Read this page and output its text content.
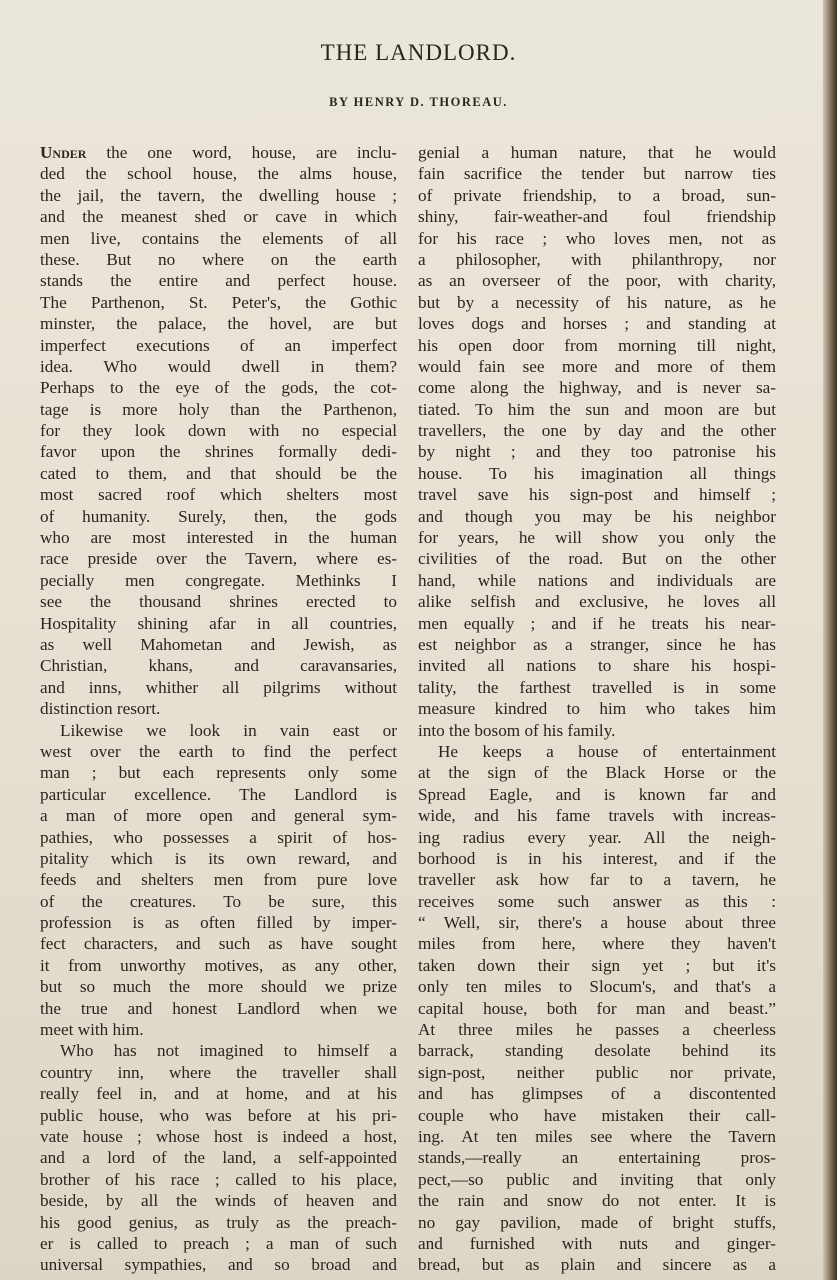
THE LANDLORD.
BY HENRY D. THOREAU.
Under the one word, house, are inclu-
ded the school house, the alms house,
the jail, the tavern, the dwelling house ;
and the meanest shed or cave in which
men live, contains the elements of all
these. But no where on the earth
stands the entire and perfect house.
The Parthenon, St. Peter's, the Gothic
minster, the palace, the hovel, are but
imperfect executions of an imperfect
idea. Who would dwell in them?
Perhaps to the eye of the gods, the cot-
tage is more holy than the Parthenon,
for they look down with no especial
favor upon the shrines formally dedi-
cated to them, and that should be the
most sacred roof which shelters most
of humanity. Surely, then, the gods
who are most interested in the human
race preside over the Tavern, where es-
pecially men congregate. Methinks I
see the thousand shrines erected to
Hospitality shining afar in all countries,
as well Mahometan and Jewish, as
Christian, khans, and caravansaries,
and inns, whither all pilgrims without
distinction resort.
Likewise we look in vain east or
west over the earth to find the perfect
man ; but each represents only some
particular excellence. The Landlord is
a man of more open and general sym-
pathies, who possesses a spirit of hos-
pitality which is its own reward, and
feeds and shelters men from pure love
of the creatures. To be sure, this
profession is as often filled by imper-
fect characters, and such as have sought
it from unworthy motives, as any other,
but so much the more should we prize
the true and honest Landlord when we
meet with him.
Who has not imagined to himself a
country inn, where the traveller shall
really feel in, and at home, and at his
public house, who was before at his pri-
vate house ; whose host is indeed a host,
and a lord of the land, a self-appointed
brother of his race ; called to his place,
beside, by all the winds of heaven and
his good genius, as truly as the preach-
er is called to preach ; a man of such
universal sympathies, and so broad and
genial a human nature, that he would
fain sacrifice the tender but narrow ties
of private friendship, to a broad, sun-
shiny, fair-weather-and foul friendship
for his race ; who loves men, not as
a philosopher, with philanthropy, nor
as an overseer of the poor, with charity,
but by a necessity of his nature, as he
loves dogs and horses ; and standing at
his open door from morning till night,
would fain see more and more of them
come along the highway, and is never sa-
tiated. To him the sun and moon are but
travellers, the one by day and the other
by night ; and they too patronise his
house. To his imagination all things
travel save his sign-post and himself ;
and though you may be his neighbor
for years, he will show you only the
civilities of the road. But on the other
hand, while nations and individuals are
alike selfish and exclusive, he loves all
men equally ; and if he treats his near-
est neighbor as a stranger, since he has
invited all nations to share his hospi-
tality, the farthest travelled is in some
measure kindred to him who takes him
into the bosom of his family.
He keeps a house of entertainment
at the sign of the Black Horse or the
Spread Eagle, and is known far and
wide, and his fame travels with increas-
ing radius every year. All the neigh-
borhood is in his interest, and if the
traveller ask how far to a tavern, he
receives some such answer as this :
“ Well, sir, there's a house about three
miles from here, where they haven't
taken down their sign yet ; but it's
only ten miles to Slocum's, and that's a
capital house, both for man and beast.”
At three miles he passes a cheerless
barrack, standing desolate behind its
sign-post, neither public nor private,
and has glimpses of a discontented
couple who have mistaken their call-
ing. At ten miles see where the Tavern
stands,—really an entertaining pros-
pect,—so public and inviting that only
the rain and snow do not enter. It is
no gay pavilion, made of bright stuffs,
and furnished with nuts and ginger-
bread, but as plain and sincere as a
